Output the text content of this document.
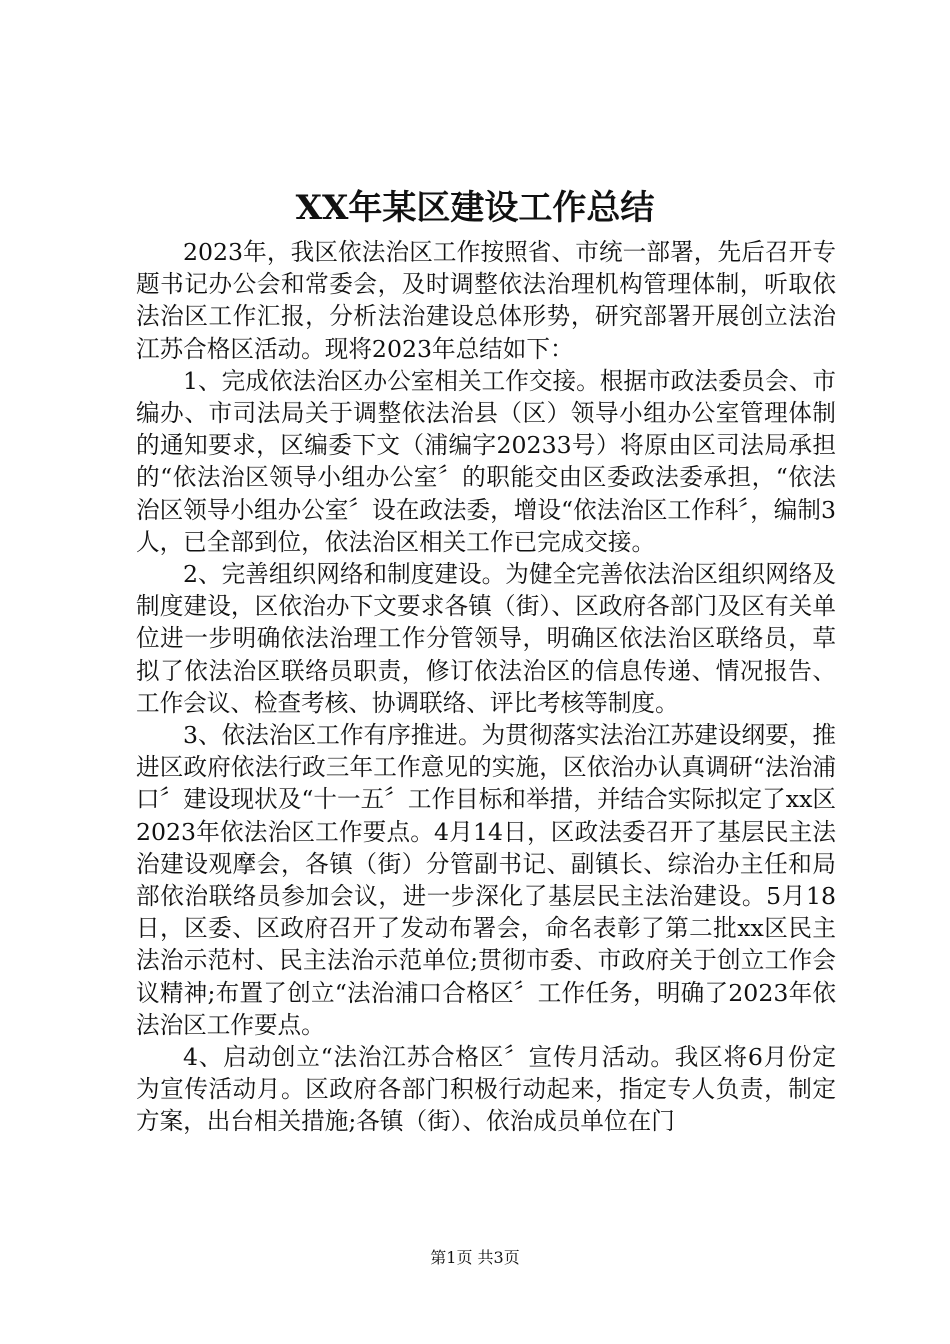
XX年某区建设工作总结

2023年，我区依法治区工作按照省、市统一部署，先后召开专题书记办公会和常委会，及时调整依法治理机构管理体制，听取依法治区工作汇报，分析法治建设总体形势，研究部署开展创立法治江苏合格区活动。现将2023年总结如下：

1、完成依法治区办公室相关工作交接。根据市政法委员会、市编办、市司法局关于调整依法治县（区）领导小组办公室管理体制的通知要求，区编委下文（浦编字20233号）将原由区司法局承担的“依法治区领导小组办公室〞的职能交由区委政法委承担，“依法治区领导小组办公室〞设在政法委，增设“依法治区工作科〞，编制3人，已全部到位，依法治区相关工作已完成交接。

2、完善组织网络和制度建设。为健全完善依法治区组织网络及制度建设，区依治办下文要求各镇（街）、区政府各部门及区有关单位进一步明确依法治理工作分管领导，明确区依法治区联络员，草拟了依法治区联络员职责，修订依法治区的信息传递、情况报告、工作会议、检查考核、协调联络、评比考核等制度。

3、依法治区工作有序推进。为贯彻落实法治江苏建设纲要，推进区政府依法行政三年工作意见的实施，区依治办认真调研“法治浦口〞建设现状及“十一五〞工作目标和举措，并结合实际拟定了xx区2023年依法治区工作要点。4月14日，区政法委召开了基层民主法治建设观摩会，各镇（街）分管副书记、副镇长、综治办主任和局部依治联络员参加会议，进一步深化了基层民主法治建设。5月18日，区委、区政府召开了发动布署会，命名表彰了第二批xx区民主法治示范村、民主法治示范单位;贯彻市委、市政府关于创立工作会议精神;布置了创立“法治浦口合格区〞工作任务，明确了2023年依法治区工作要点。

4、启动创立“法治江苏合格区〞宣传月活动。我区将6月份定为宣传活动月。区政府各部门积极行动起来，指定专人负责，制定方案，出台相关措施;各镇（街）、依治成员单位在门

第1页 共3页
